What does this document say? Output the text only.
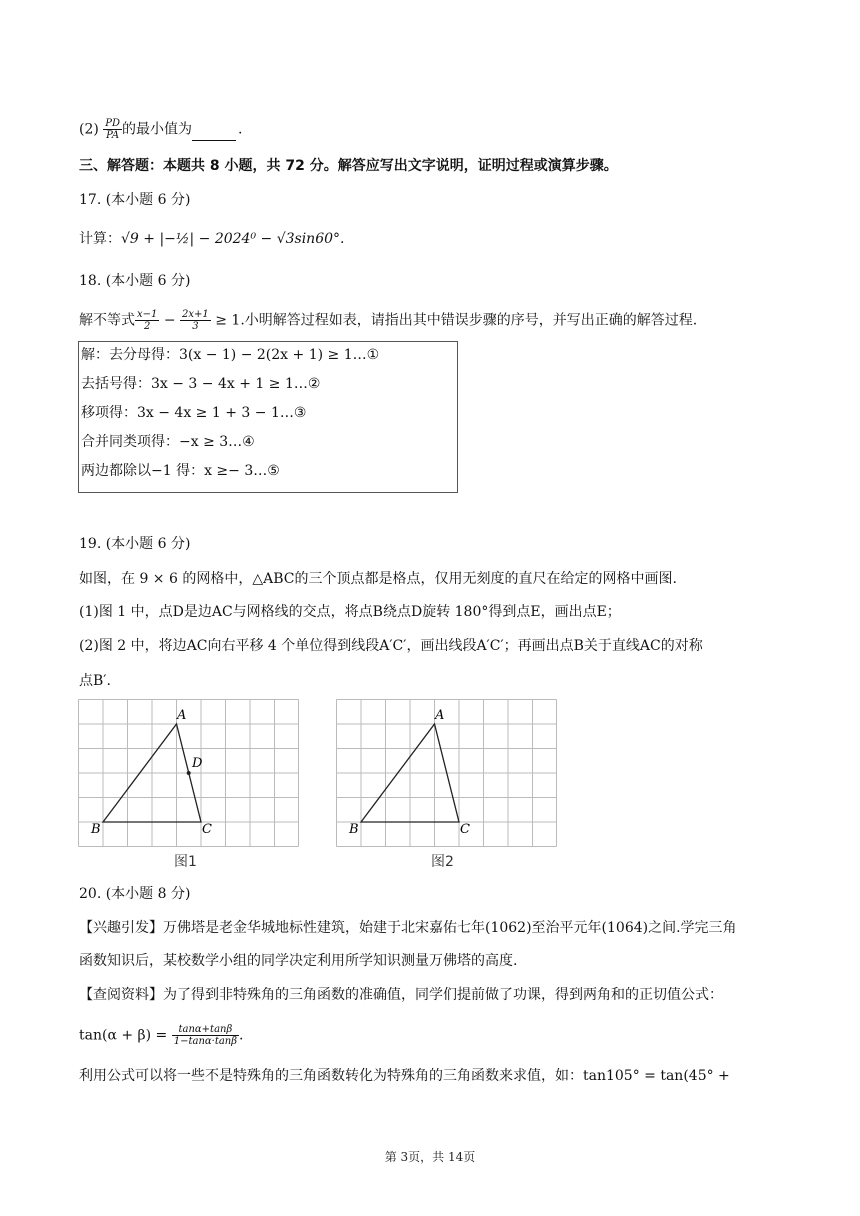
$(2) \frac{PD}{PA}$ 的最小值为	.
三、解答题：本题共 8 小题，共 72 分。解答应写出文字说明，证明过程或演算步骤。
17. (本小题 6 分)
计算：√9 + |−½| − 2024⁰ − √3sin60°.
18. (本小题 6 分)
解不等式 $\frac{x-1}{2} - \frac{2x+1}{3} \ge 1$.小明解答过程如表，请指出其中错误步骤的序号，并写出正确的解答过程.
解：去分母得：3(x − 1) − 2(2x + 1) ≥ 1…①
去括号得：3x − 3 − 4x + 1 ≥ 1…②
移项得：3x − 4x ≥ 1 + 3 − 1…③
合并同类项得：−x ≥ 3…④
两边都除以−1 得：x ≥− 3…⑤
19. (本小题 6 分)
如图，在 9 × 6 的网格中，△ABC的三个顶点都是格点，仅用无刻度的直尺在给定的网格中画图.
(1)图 1 中，点D是边AC与网格线的交点，将点B绕点D旋转 180°得到点E，画出点E；
(2)图 2 中，将边AC向右平移 4 个单位得到线段A′C′，画出线段A′C′；再画出点B关于直线AC的对称
点B′.
A
B	C
D
图1
A
B	C
图2
20. (本小题 8 分)
【兴趣引发】万佛塔是老金华城地标性建筑，始建于北宋嘉佑七年(1062)至治平元年(1064)之间.学完三角
函数知识后，某校数学小组的同学决定利用所学知识测量万佛塔的高度.
【查阅资料】为了得到非特殊角的三角函数的准确值，同学们提前做了功课，得到两角和的正切值公式：
$\tan(\alpha + \beta) = \frac{\tan\alpha+\tan\beta}{1-\tan\alpha\cdot\tan\beta}$ .
利用公式可以将一些不是特殊角的三角函数转化为特殊角的三角函数来求值，如：tan105° = tan(45° +
第 3页，共 14页
